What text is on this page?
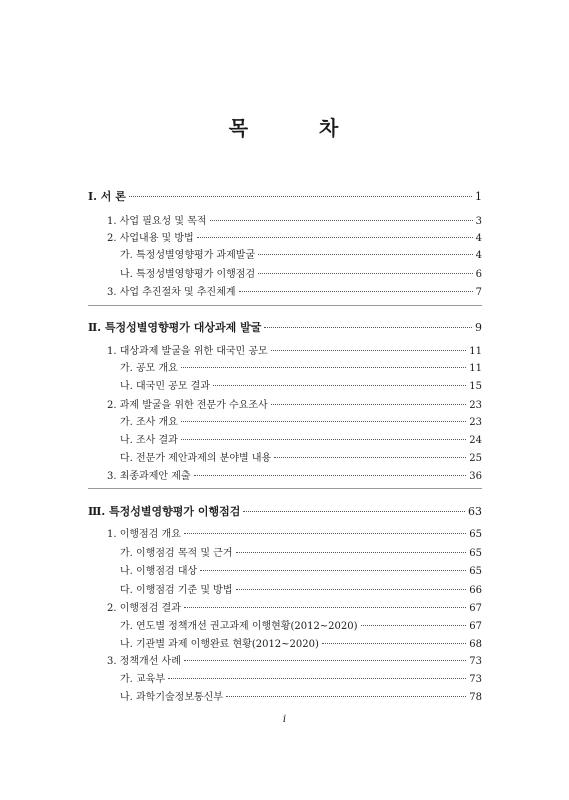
목	차
Ⅰ. 서 론	1
1. 사업 필요성 및 목적	3
2. 사업내용 및 방법	4
가. 특정성별영향평가 과제발굴	4
나. 특정성별영향평가 이행점검	6
3. 사업 추진절차 및 추진체계	7
Ⅱ. 특정성별영향평가 대상과제 발굴	9
1. 대상과제 발굴을 위한 대국민 공모	11
가. 공모 개요	11
나. 대국민 공모 결과	15
2. 과제 발굴을 위한 전문가 수요조사	23
가. 조사 개요	23
나. 조사 결과	24
다. 전문가 제안과제의 분야별 내용	25
3. 최종과제안 제출	36
Ⅲ. 특정성별영향평가 이행점검	63
1. 이행점검 개요	65
가. 이행점검 목적 및 근거	65
나. 이행점검 대상	65
다. 이행점검 기준 및 방법	66
2. 이행점검 결과	67
가. 연도별 정책개선 권고과제 이행현황(2012~2020)	67
나. 기관별 과제 이행완료 현황(2012~2020)	68
3. 정책개선 사례	73
가. 교육부	73
나. 과학기술정보통신부	78
i
